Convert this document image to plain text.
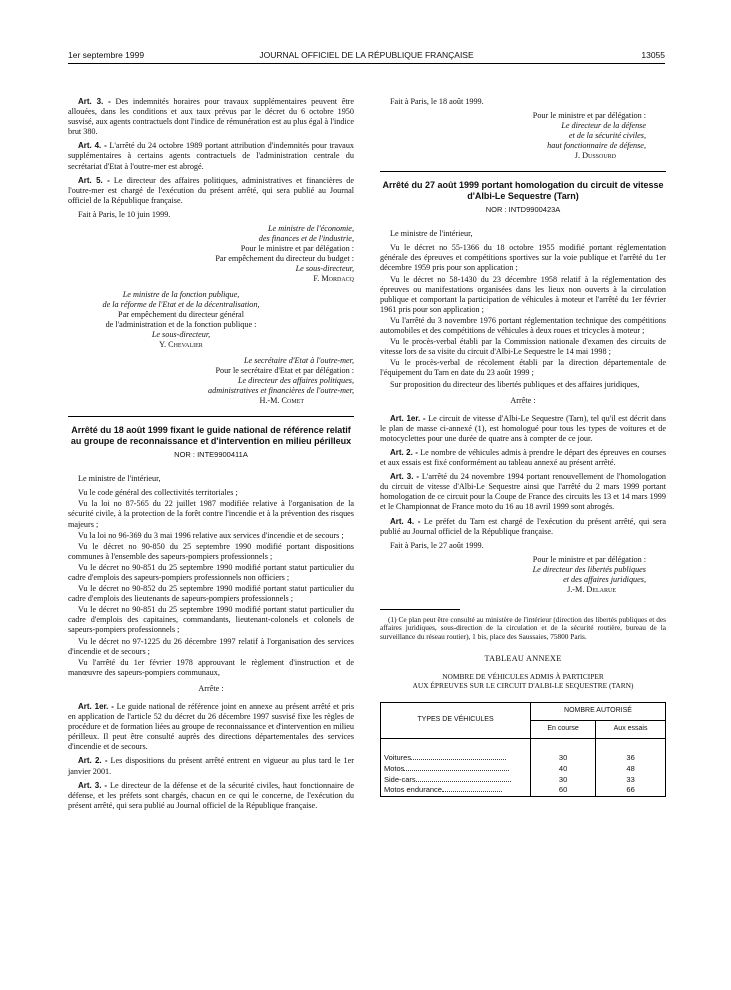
1er septembre 1999	JOURNAL OFFICIEL DE LA RÉPUBLIQUE FRANÇAISE	13055

Art. 3. - Des indemnités horaires pour travaux supplémentaires peuvent être allouées, dans les conditions et aux taux prévus par le décret du 6 octobre 1950 susvisé, aux agents contractuels dont l'indice de rémunération est au plus égal à l'indice brut 380.

Art. 4. - L'arrêté du 24 octobre 1989 portant attribution d'indemnités pour travaux supplémentaires à certains agents contractuels de l'administration centrale du secrétariat d'Etat à l'outre-mer est abrogé.

Art. 5. - Le directeur des affaires politiques, administratives et financières de l'outre-mer est chargé de l'exécution du présent arrêté, qui sera publié au Journal officiel de la République française.

Fait à Paris, le 10 juin 1999.

Le ministre de l'économie,
des finances et de l'industrie,
Pour le ministre et par délégation :
Par empêchement du directeur du budget :
Le sous-directeur,
F. Mordacq
Le ministre de la fonction publique,
de la réforme de l'Etat et de la décentralisation,
Par empêchement du directeur général
de l'administration et de la fonction publique :
Le sous-directeur,
Y. Chevalier
Le secrétaire d'Etat à l'outre-mer,
Pour le secrétaire d'Etat et par délégation :
Le directeur des affaires politiques,
administratives et financières de l'outre-mer,
H.-M. Comet
Arrêté du 18 août 1999 fixant le guide national de référence relatif au groupe de reconnaissance et d'intervention en milieu périlleux
NOR : INTE9900411A

Le ministre de l'intérieur,

Vu le code général des collectivités territoriales ;

Vu la loi no 87-565 du 22 juillet 1987 modifiée relative à l'organisation de la sécurité civile, à la protection de la forêt contre l'incendie et à la prévention des risques majeurs ;

Vu la loi no 96-369 du 3 mai 1996 relative aux services d'incendie et de secours ;

Vu le décret no 90-850 du 25 septembre 1990 modifié portant dispositions communes à l'ensemble des sapeurs-pompiers professionnels ;

Vu le décret no 90-851 du 25 septembre 1990 modifié portant statut particulier du cadre d'emplois des sapeurs-pompiers professionnels non officiers ;

Vu le décret no 90-852 du 25 septembre 1990 modifié portant statut particulier du cadre d'emplois des lieutenants de sapeurs-pompiers professionnels ;

Vu le décret no 90-851 du 25 septembre 1990 modifié portant statut particulier du cadre d'emplois des capitaines, commandants, lieutenant-colonels et colonels de sapeurs-pompiers professionnels ;

Vu le décret no 97-1225 du 26 décembre 1997 relatif à l'organisation des services d'incendie et de secours ;

Vu l'arrêté du 1er février 1978 approuvant le règlement d'instruction et de manœuvre des sapeurs-pompiers communaux,

Arrête :

Art. 1er. - Le guide national de référence joint en annexe au présent arrêté et pris en application de l'article 52 du décret du 26 décembre 1997 susvisé fixe les règles de procédure et de formation liées au groupe de reconnaissance et d'intervention en milieu périlleux. Il peut être consulté auprès des directions départementales des services d'incendie et de secours.

Art. 2. - Les dispositions du présent arrêté entrent en vigueur au plus tard le 1er janvier 2001.

Art. 3. - Le directeur de la défense et de la sécurité civiles, haut fonctionnaire de défense, et les préfets sont chargés, chacun en ce qui le concerne, de l'exécution du présent arrêté, qui sera publié au Journal officiel de la République française.

Fait à Paris, le 18 août 1999.

Pour le ministre et par délégation :
Le directeur de la défense
et de la sécurité civiles,
haut fonctionnaire de défense,
J. Dussourd
Arrêté du 27 août 1999 portant homologation du circuit de vitesse d'Albi-Le Sequestre (Tarn)
NOR : INTD9900423A

Le ministre de l'intérieur,

Vu le décret no 55-1366 du 18 octobre 1955 modifié portant réglementation générale des épreuves et compétitions sportives sur la voie publique et l'arrêté du 1er décembre 1959 pris pour son application ;

Vu le décret no 58-1430 du 23 décembre 1958 relatif à la réglementation des épreuves ou manifestations organisées dans les lieux non ouverts à la circulation publique et comportant la participation de véhicules à moteur et l'arrêté du 1er février 1961 pris pour son application ;

Vu l'arrêté du 3 novembre 1976 portant réglementation technique des compétitions automobiles et des compétitions de véhicules à deux roues et tricycles à moteur ;

Vu le procès-verbal établi par la Commission nationale d'examen des circuits de vitesse lors de sa visite du circuit d'Albi-Le Sequestre le 14 mai 1998 ;

Vu le procès-verbal de récolement établi par la direction départementale de l'équipement du Tarn en date du 23 août 1999 ;

Sur proposition du directeur des libertés publiques et des affaires juridiques,

Arrête :

Art. 1er. - Le circuit de vitesse d'Albi-Le Sequestre (Tarn), tel qu'il est décrit dans le plan de masse ci-annexé (1), est homologué pour tous les types de voitures et de motocyclettes pour une durée de quatre ans à compter de ce jour.

Art. 2. - Le nombre de véhicules admis à prendre le départ des épreuves en courses et aux essais est fixé conformément au tableau annexé au présent arrêté.

Art. 3. - L'arrêté du 24 novembre 1994 portant renouvellement de l'homologation du circuit de vitesse d'Albi-Le Sequestre ainsi que l'arrêté du 2 mars 1999 portant homologation de ce circuit pour la Coupe de France des circuits les 13 et 14 mars 1999 et le Championnat de France moto du 16 au 18 avril 1999 sont abrogés.

Art. 4. - Le préfet du Tarn est chargé de l'exécution du présent arrêté, qui sera publié au Journal officiel de la République française.

Fait à Paris, le 27 août 1999.

Pour le ministre et par délégation :
Le directeur des libertés publiques
et des affaires juridiques,
J.-M. Delarue

(1) Ce plan peut être consulté au ministère de l'intérieur (direction des libertés publiques et des affaires juridiques, sous-direction de la circulation et de la sécurité routière, bureau de la surveillance du réseau routier), 1 bis, place des Saussaies, 75800 Paris.

TABLEAU ANNEXE
NOMBRE DE VÉHICULES ADMIS À PARTICIPER
AUX ÉPREUVES SUR LE CIRCUIT D'ALBI-LE SEQUESTRE (TARN)
TYPES DE VÉHICULES	NOMBRE AUTORISÉ	
	En course	Aux essais

Voitures	30	36
Motos	40	48
Side-cars	30	33
Motos endurance	60	66
